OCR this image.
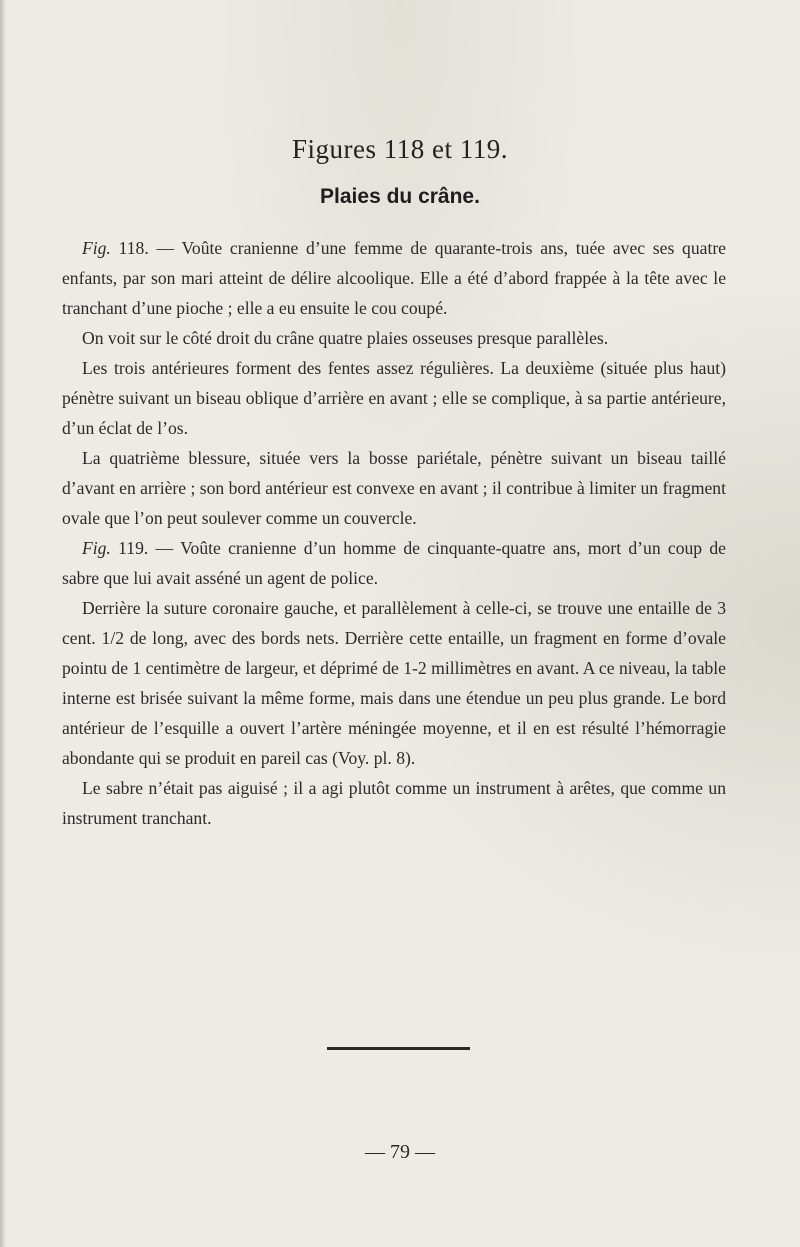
Figures 118 et 119.
Plaies du crâne.

Fig. 118. — Voûte cranienne d’une femme de quarante-trois ans, tuée avec ses quatre enfants, par son mari atteint de délire alcoolique. Elle a été d’abord frappée à la tête avec le tranchant d’une pioche ; elle a eu ensuite le cou coupé.

On voit sur le côté droit du crâne quatre plaies osseuses presque parallèles.

Les trois antérieures forment des fentes assez régulières. La deuxième (située plus haut) pénètre suivant un biseau oblique d’arrière en avant ; elle se complique, à sa partie antérieure, d’un éclat de l’os.

La quatrième blessure, située vers la bosse pariétale, pénètre suivant un biseau taillé d’avant en arrière ; son bord antérieur est convexe en avant ; il contribue à limiter un fragment ovale que l’on peut soulever comme un couvercle.

Fig. 119. — Voûte cranienne d’un homme de cinquante-quatre ans, mort d’un coup de sabre que lui avait asséné un agent de police.

Derrière la suture coronaire gauche, et parallèlement à celle-ci, se trouve une entaille de 3 cent. 1/2 de long, avec des bords nets. Derrière cette entaille, un fragment en forme d’ovale pointu de 1 centimètre de largeur, et déprimé de 1-2 millimètres en avant. A ce niveau, la table interne est brisée suivant la même forme, mais dans une étendue un peu plus grande. Le bord antérieur de l’esquille a ouvert l’artère méningée moyenne, et il en est résulté l’hémorragie abondante qui se produit en pareil cas (Voy. pl. 8).

Le sabre n’était pas aiguisé ; il a agi plutôt comme un instrument à arêtes, que comme un instrument tranchant.

— 79 —
